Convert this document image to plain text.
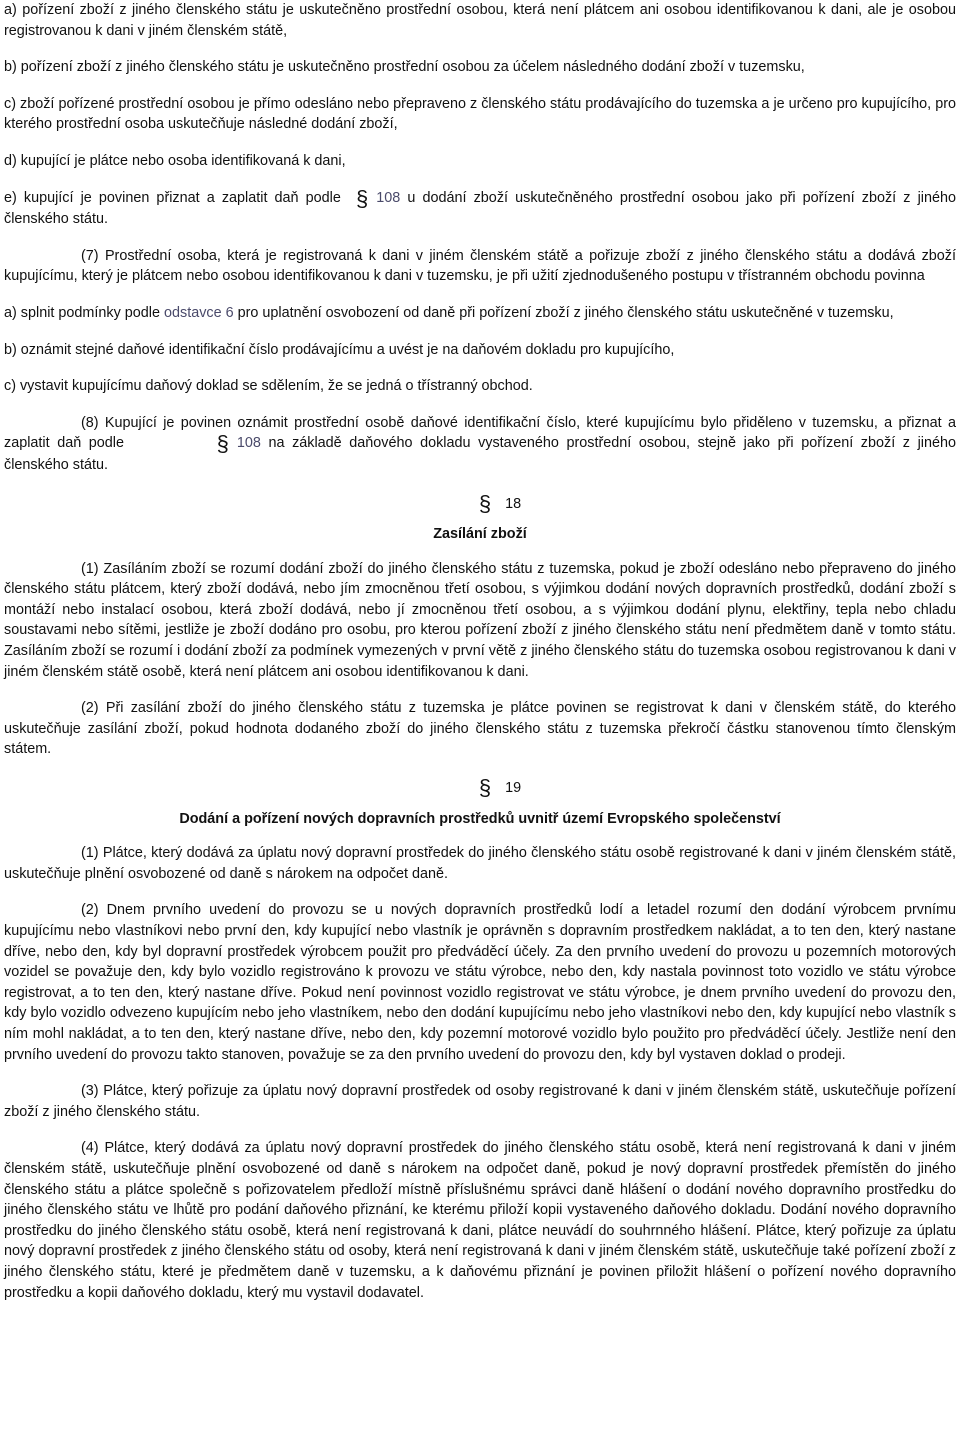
a) pořízení zboží z jiného členského státu je uskutečněno prostřední osobou, která není plátcem ani osobou identifikovanou k dani, ale je osobou registrovanou k dani v jiném členském státě,

b) pořízení zboží z jiného členského státu je uskutečněno prostřední osobou za účelem následného dodání zboží v tuzemsku,

c) zboží pořízené prostřední osobou je přímo odesláno nebo přepraveno z členského státu prodávajícího do tuzemska a je určeno pro kupujícího, pro kterého prostřední osoba uskutečňuje následné dodání zboží,

d) kupující je plátce nebo osoba identifikovaná k dani,

e) kupující je povinen přiznat a zaplatit daň podle § 108 u dodání zboží uskutečněného prostřední osobou jako při pořízení zboží z jiného členského státu.

(7) Prostřední osoba, která je registrovaná k dani v jiném členském státě a pořizuje zboží z jiného členského státu a dodává zboží kupujícímu, který je plátcem nebo osobou identifikovanou k dani v tuzemsku, je při užití zjednodušeného postupu v třístranném obchodu povinna

a) splnit podmínky podle odstavce 6 pro uplatnění osvobození od daně při pořízení zboží z jiného členského státu uskutečněné v tuzemsku,

b) oznámit stejné daňové identifikační číslo prodávajícímu a uvést je na daňovém dokladu pro kupujícího,

c) vystavit kupujícímu daňový doklad se sdělením, že se jedná o třístranný obchod.

(8) Kupující je povinen oznámit prostřední osobě daňové identifikační číslo, které kupujícímu bylo přiděleno v tuzemsku, a přiznat a zaplatit daň podle	§ 108 na základě daňového dokladu vystaveného prostřední osobou, stejně jako při pořízení zboží z jiného členského státu.

§ 18

Zasílání zboží

(1) Zasíláním zboží se rozumí dodání zboží do jiného členského státu z tuzemska, pokud je zboží odesláno nebo přepraveno do jiného členského státu plátcem, který zboží dodává, nebo jím zmocněnou třetí osobou, s výjimkou dodání nových dopravních prostředků, dodání zboží s montáží nebo instalací osobou, která zboží dodává, nebo jí zmocněnou třetí osobou, a s výjimkou dodání plynu, elektřiny, tepla nebo chladu soustavami nebo sítěmi, jestliže je zboží dodáno pro osobu, pro kterou pořízení zboží z jiného členského státu není předmětem daně v tomto státu. Zasíláním zboží se rozumí i dodání zboží za podmínek vymezených v první větě z jiného členského státu do tuzemska osobou registrovanou k dani v jiném členském státě osobě, která není plátcem ani osobou identifikovanou k dani.

(2) Při zasílání zboží do jiného členského státu z tuzemska je plátce povinen se registrovat k dani v členském státě, do kterého uskutečňuje zasílání zboží, pokud hodnota dodaného zboží do jiného členského státu z tuzemska překročí částku stanovenou tímto členským státem.

§ 19

Dodání a pořízení nových dopravních prostředků uvnitř území Evropského společenství

(1) Plátce, který dodává za úplatu nový dopravní prostředek do jiného členského státu osobě registrované k dani v jiném členském státě, uskutečňuje plnění osvobozené od daně s nárokem na odpočet daně.

(2) Dnem prvního uvedení do provozu se u nových dopravních prostředků lodí a letadel rozumí den dodání výrobcem prvnímu kupujícímu nebo vlastníkovi nebo první den, kdy kupující nebo vlastník je oprávněn s dopravním prostředkem nakládat, a to ten den, který nastane dříve, nebo den, kdy byl dopravní prostředek výrobcem použit pro předváděcí účely. Za den prvního uvedení do provozu u pozemních motorových vozidel se považuje den, kdy bylo vozidlo registrováno k provozu ve státu výrobce, nebo den, kdy nastala povinnost toto vozidlo ve státu výrobce registrovat, a to ten den, který nastane dříve. Pokud není povinnost vozidlo registrovat ve státu výrobce, je dnem prvního uvedení do provozu den, kdy bylo vozidlo odvezeno kupujícím nebo jeho vlastníkem, nebo den dodání kupujícímu nebo jeho vlastníkovi nebo den, kdy kupující nebo vlastník s ním mohl nakládat, a to ten den, který nastane dříve, nebo den, kdy pozemní motorové vozidlo bylo použito pro předváděcí účely. Jestliže není den prvního uvedení do provozu takto stanoven, považuje se za den prvního uvedení do provozu den, kdy byl vystaven doklad o prodeji.

(3) Plátce, který pořizuje za úplatu nový dopravní prostředek od osoby registrované k dani v jiném členském státě, uskutečňuje pořízení zboží z jiného členského státu.

(4) Plátce, který dodává za úplatu nový dopravní prostředek do jiného členského státu osobě, která není registrovaná k dani v jiném členském státě, uskutečňuje plnění osvobozené od daně s nárokem na odpočet daně, pokud je nový dopravní prostředek přemístěn do jiného členského státu a plátce společně s pořizovatelem předloží místně příslušnému správci daně hlášení o dodání nového dopravního prostředku do jiného členského státu ve lhůtě pro podání daňového přiznání, ke kterému přiloží kopii vystaveného daňového dokladu. Dodání nového dopravního prostředku do jiného členského státu osobě, která není registrovaná k dani, plátce neuvádí do souhrnného hlášení. Plátce, který pořizuje za úplatu nový dopravní prostředek z jiného členského státu od osoby, která není registrovaná k dani v jiném členském státě, uskutečňuje také pořízení zboží z jiného členského státu, které je předmětem daně v tuzemsku, a k daňovému přiznání je povinen přiložit hlášení o pořízení nového dopravního prostředku a kopii daňového dokladu, který mu vystavil dodavatel.
